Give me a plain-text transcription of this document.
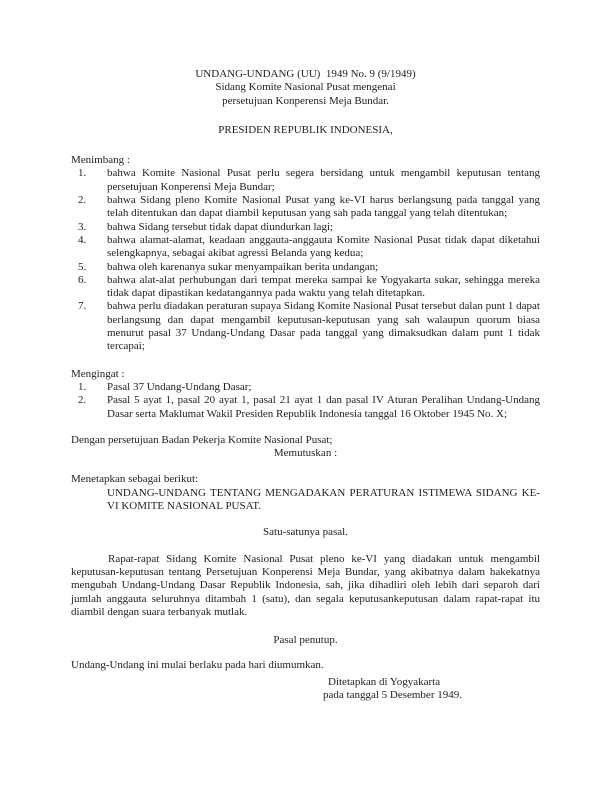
UNDANG-UNDANG (UU)  1949 No. 9 (9/1949)
Sidang Komite Nasional Pusat mengenai
persetujuan Konperensi Meja Bundar.
PRESIDEN REPUBLIK INDONESIA,
Menimbang :
1.	bahwa Komite Nasional Pusat perlu segera bersidang untuk mengambil keputusan tentang persetujuan Konperensi Meja Bundar;
2.	bahwa Sidang pleno Komite Nasional Pusat yang ke-VI harus berlangsung pada tanggal yang telah ditentukan dan dapat diambil keputusan yang sah pada tanggal yang telah ditentukan;
3.	bahwa Sidang tersebut tidak dapat diundurkan lagi;
4.	bahwa alamat-alamat, keadaan anggauta-anggauta Komite Nasional Pusat tidak dapat diketahui selengkapnya, sebagai akibat agressi Belanda yang kedua;
5.	bahwa oleh karenanya sukar menyampaikan berita undangan;
6.	bahwa alat-alat perhubungan dari tempat mereka sampai ke Yogyakarta sukar, sehingga mereka tidak dapat dipastikan kedatangannya pada waktu yang telah ditetapkan.
7.	bahwa perlu diadakan peraturan supaya Sidang Komite Nasional Pusat tersebut dalan punt 1 dapat berlangsung dan dapat mengambil keputusan-keputusan yang sah walaupun quorum biasa menurut pasal 37 Undang-Undang Dasar pada tanggal yang dimaksudkan dalam punt 1 tidak tercapai;
Mengingat :
1.	Pasal 37 Undang-Undang Dasar;
2.	Pasal 5 ayat 1, pasal 20 ayat 1, pasal 21 ayat 1 dan pasal IV Aturan Peralihan Undang-Undang Dasar serta Maklumat Wakil Presiden Republik Indonesia tanggal 16 Oktober 1945 No. X;
Dengan persetujuan Badan Pekerja Komite Nasional Pusat;
Memutuskan :
Menetapkan sebagai berikut:
UNDANG-UNDANG TENTANG MENGADAKAN PERATURAN ISTIMEWA SIDANG KE-VI KOMITE NASIONAL PUSAT.
Satu-satunya pasal.
Rapat-rapat Sidang Komite Nasional Pusat pleno ke-VI yang diadakan untuk mengambil keputusan-keputusan tentang Persetujuan Konperensi Meja Bundar, yang akibatnya dalam hakekatnya mengubah Undang-Undang Dasar Republik Indonesia, sah, jika dihadliri oleh lebih dari separoh dari jumlah anggauta seluruhnya ditambah 1 (satu), dan segala keputusankeputusan dalam rapat-rapat itu diambil dengan suara terbanyak mutlak.
Pasal penutup.
Undang-Undang ini mulai berlaku pada hari diumumkan.
Ditetapkan di Yogyakarta
pada tanggal 5 Desember 1949.
